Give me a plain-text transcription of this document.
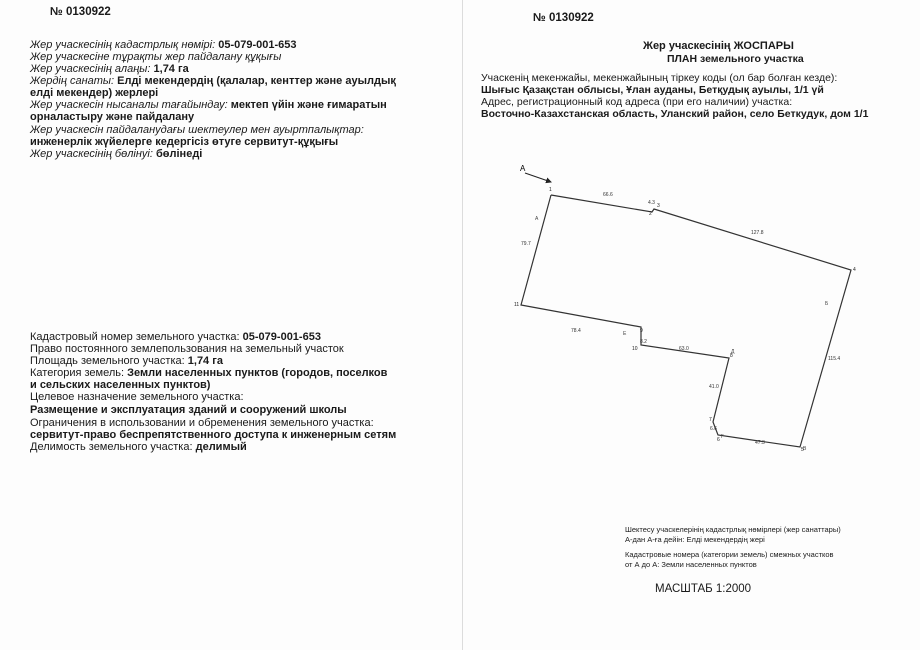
№ 0130922
Жер учаскесінің кадастрлық нөмірі: 05-079-001-653
Жер учаскесіне тұрақты жер пайдалану құқығы
Жер учаскесінің алаңы: 1,74 га
Жердің санаты: Елді мекендердің (қалалар, кенттер және ауылдық
елді мекендер) жерлері
Жер учаскесін нысаналы тағайындау: мектеп үйін және ғимаратын
орналастыру және пайдалану
Жер учаскесін пайдаланудағы шектеулер мен ауыртпалықтар:
инженерлік жүйелерге кедергісіз өтуге сервитут-құқығы
Жер учаскесінің бөлінуі: бөлінеді
Кадастровый номер земельного участка: 05-079-001-653
Право постоянного землепользования на земельный участок
Площадь земельного участка: 1,74 га
Категория земель: Земли населенных пунктов (городов, поселков
и сельских населенных пунктов)
Целевое назначение земельного участка:
Размещение и эксплуатация зданий и сооружений школы
Ограничения в использовании и обременения земельного участка:
сервитут-право беспрепятственного доступа к инженерным сетям
Делимость земельного участка: делимый
№ 0130922
Жер учаскесінің ЖОСПАРЫ
ПЛАН земельного участка
Учаскенің мекенжайы, мекенжайының тіркеу коды (ол бар болған кезде):
Шығыс Қазақстан облысы, Ұлан ауданы, Бетқудық ауылы, 1/1 үй
Адрес, регистрационный код адреса (при его наличии) участка:
Восточно-Казахстанская область, Уланский район, село Беткудук, дом 1/1
А
1
2
3
4
5
6
7
8
9
10
11
66.6
4.3
127.8
115.4
47.3
6.6
41.0
63.0
8.2
78.4
79.7
А
Б
В
Г
Д
Е
Шектесу учаскелерінің кадастрлық нөмірлері (жер санаттары)
А-дан А-ға дейін: Елді мекендердің жері
Кадастровые номера (категории земель) смежных участков
от А до А: Земли населенных пунктов
МАСШТАБ 1:2000
